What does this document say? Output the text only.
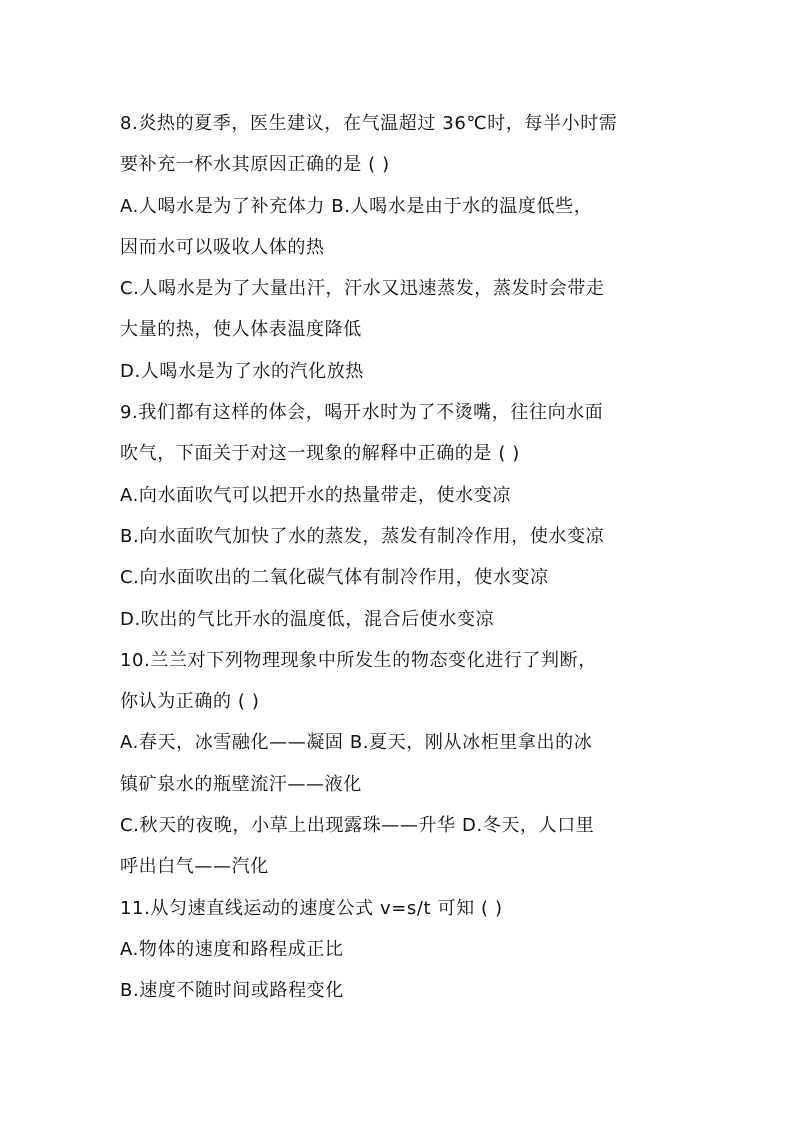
8.炎热的夏季，医生建议，在气温超过 36℃时，每半小时需
要补充一杯水其原因正确的是 ( )
A.人喝水是为了补充体力 B.人喝水是由于水的温度低些，
因而水可以吸收人体的热
C.人喝水是为了大量出汗，汗水又迅速蒸发，蒸发时会带走
大量的热，使人体表温度降低
D.人喝水是为了水的汽化放热
9.我们都有这样的体会，喝开水时为了不烫嘴，往往向水面
吹气，下面关于对这一现象的解释中正确的是 ( )
A.向水面吹气可以把开水的热量带走，使水变凉
B.向水面吹气加快了水的蒸发，蒸发有制冷作用，使水变凉
C.向水面吹出的二氧化碳气体有制冷作用，使水变凉
D.吹出的气比开水的温度低，混合后使水变凉
10.兰兰对下列物理现象中所发生的物态变化进行了判断，
你认为正确的 ( )
A.春天，冰雪融化——凝固 B.夏天，刚从冰柜里拿出的冰
镇矿泉水的瓶壁流汗——液化
C.秋天的夜晚，小草上出现露珠——升华 D.冬天，人口里
呼出白气——汽化
11.从匀速直线运动的速度公式 v=s/t 可知 ( )
A.物体的速度和路程成正比
B.速度不随时间或路程变化
